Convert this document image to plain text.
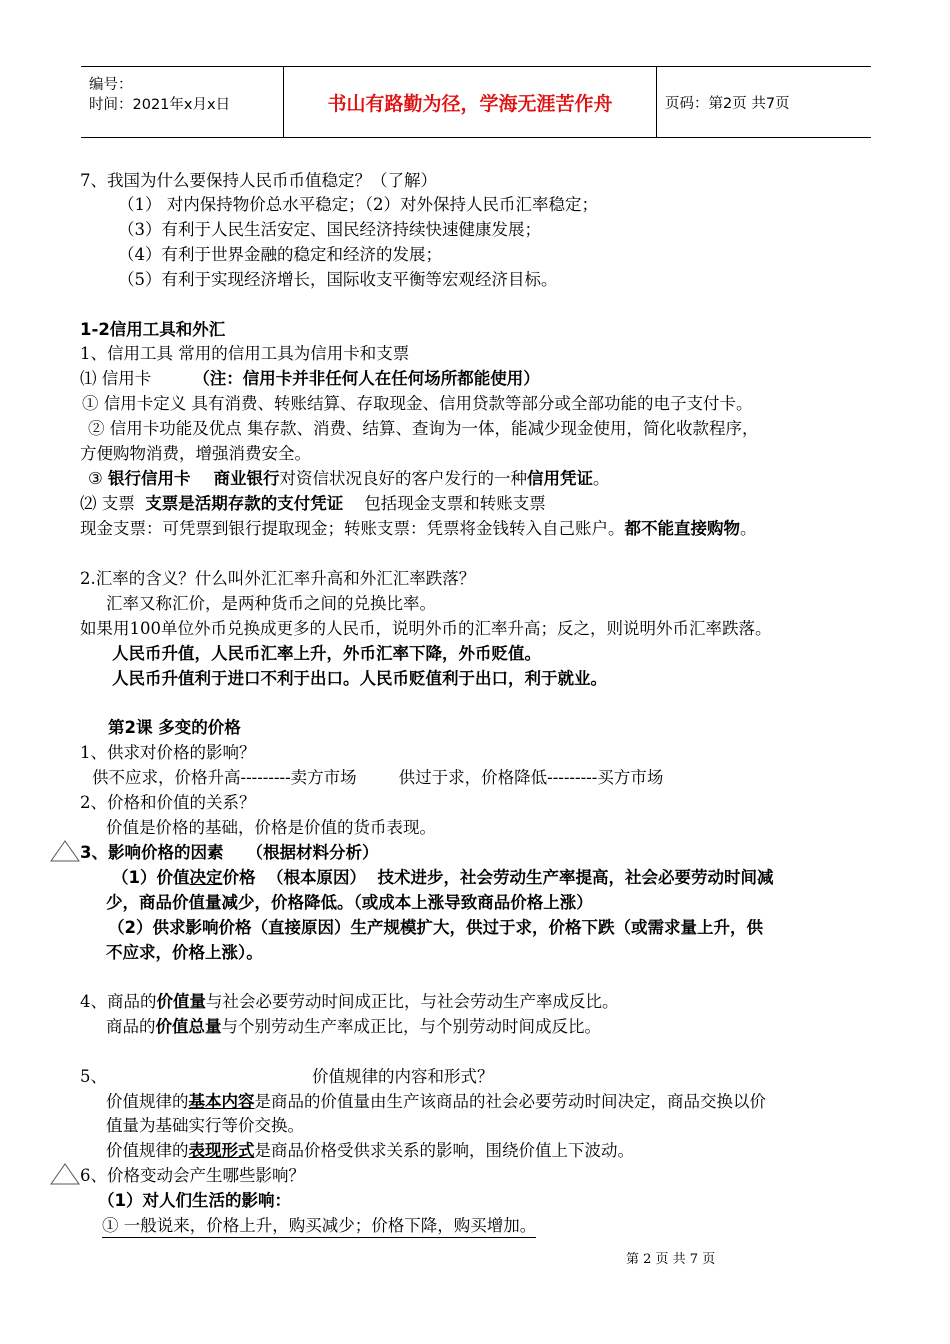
编号：
时间：2021年x月x日	书山有路勤为径，学海无涯苦作舟	页码：第2页 共7页
7、我国为什么要保持人民币币值稳定？（了解）
（1） 对内保持物价总水平稳定；（2）对外保持人民币汇率稳定；
（3）有利于人民生活安定、国民经济持续快速健康发展；
（4）有利于世界金融的稳定和经济的发展；
（5）有利于实现经济增长，国际收支平衡等宏观经济目标。
1-2信用工具和外汇
1、信用工具 常用的信用工具为信用卡和支票
⑴ 信用卡        （注：信用卡并非任何人在任何场所都能使用）
① 信用卡定义 具有消费、转账结算、存取现金、信用贷款等部分或全部功能的电子支付卡。
② 信用卡功能及优点 集存款、消费、结算、查询为一体，能减少现金使用，简化收款程序，
方便购物消费，增强消费安全。
③ 银行信用卡    商业银行对资信状况良好的客户发行的一种信用凭证。
⑵ 支票  支票是活期存款的支付凭证    包括现金支票和转账支票
现金支票：可凭票到银行提取现金；转账支票：凭票将金钱转入自己账户。都不能直接购物。
2.汇率的含义？什么叫外汇汇率升高和外汇汇率跌落？
汇率又称汇价，是两种货币之间的兑换比率。
如果用100单位外币兑换成更多的人民币，说明外币的汇率升高；反之，则说明外币汇率跌落。
人民币升值，人民币汇率上升，外币汇率下降，外币贬值。
人民币升值利于进口不利于出口。人民币贬值利于出口，利于就业。
第2课 多变的价格
1、供求对价格的影响？
供不应求，价格升高---------卖方市场        供过于求，价格降低---------买方市场
2、价格和价值的关系？
价值是价格的基础，价格是价值的货币表现。
3、影响价格的因素    （根据材料分析）
（1）价值决定价格  （根本原因）  技术进步，社会劳动生产率提高，社会必要劳动时间减
少，商品价值量减少，价格降低。（或成本上涨导致商品价格上涨）
（2）供求影响价格（直接原因）生产规模扩大，供过于求，价格下跌（或需求量上升，供
不应求，价格上涨）。
4、商品的价值量与社会必要劳动时间成正比，与社会劳动生产率成反比。
商品的价值总量与个别劳动生产率成正比，与个别劳动时间成反比。
5、	价值规律的内容和形式？
价值规律的基本内容是商品的价值量由生产该商品的社会必要劳动时间决定，商品交换以价
值量为基础实行等价交换。
价值规律的表现形式是商品价格受供求关系的影响，围绕价值上下波动。
6、价格变动会产生哪些影响？
（1）对人们生活的影响：
① 一般说来，价格上升，购买减少；价格下降，购买增加。
第 2 页 共 7 页
